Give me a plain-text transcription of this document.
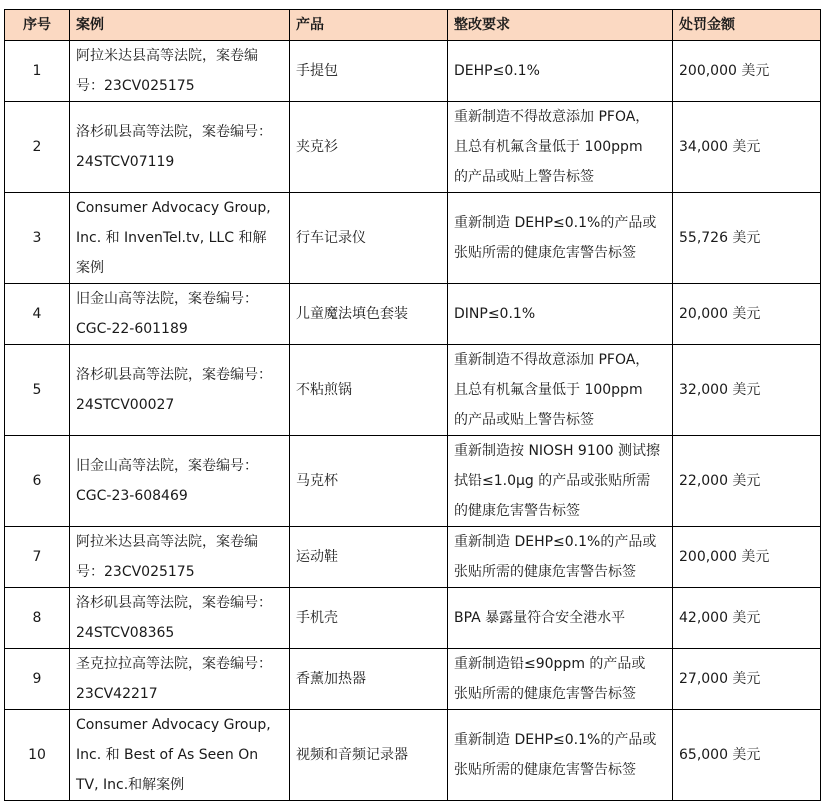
序号	案例	产品	整改要求	处罚金额
1	阿拉米达县高等法院，案卷编
号：23CV025175	手提包	DEHP≤0.1%	200,000 美元
2	洛杉矶县高等法院，案卷编号：
24STCV07119	夹克衫	重新制造不得故意添加 PFOA，
且总有机氟含量低于 100ppm
的产品或贴上警告标签	34,000 美元
3	Consumer Advocacy Group,
Inc. 和 InvenTel.tv, LLC 和解
案例	行车记录仪	重新制造 DEHP≤0.1%的产品或
张贴所需的健康危害警告标签	55,726 美元
4	旧金山高等法院，案卷编号：
CGC-22-601189	儿童魔法填色套装	DINP≤0.1%	20,000 美元
5	洛杉矶县高等法院，案卷编号：
24STCV00027	不粘煎锅	重新制造不得故意添加 PFOA，
且总有机氟含量低于 100ppm
的产品或贴上警告标签	32,000 美元
6	旧金山高等法院，案卷编号：
CGC-23-608469	马克杯	重新制造按 NIOSH 9100 测试擦
拭铅≤1.0μg 的产品或张贴所需
的健康危害警告标签	22,000 美元
7	阿拉米达县高等法院，案卷编
号：23CV025175	运动鞋	重新制造 DEHP≤0.1%的产品或
张贴所需的健康危害警告标签	200,000 美元
8	洛杉矶县高等法院，案卷编号：
24STCV08365	手机壳	BPA 暴露量符合安全港水平	42,000 美元
9	圣克拉拉高等法院，案卷编号：
23CV42217	香薰加热器	重新制造铅≤90ppm 的产品或
张贴所需的健康危害警告标签	27,000 美元
10	Consumer Advocacy Group,
Inc. 和 Best of As Seen On
TV, Inc.和解案例	视频和音频记录器	重新制造 DEHP≤0.1%的产品或
张贴所需的健康危害警告标签	65,000 美元
